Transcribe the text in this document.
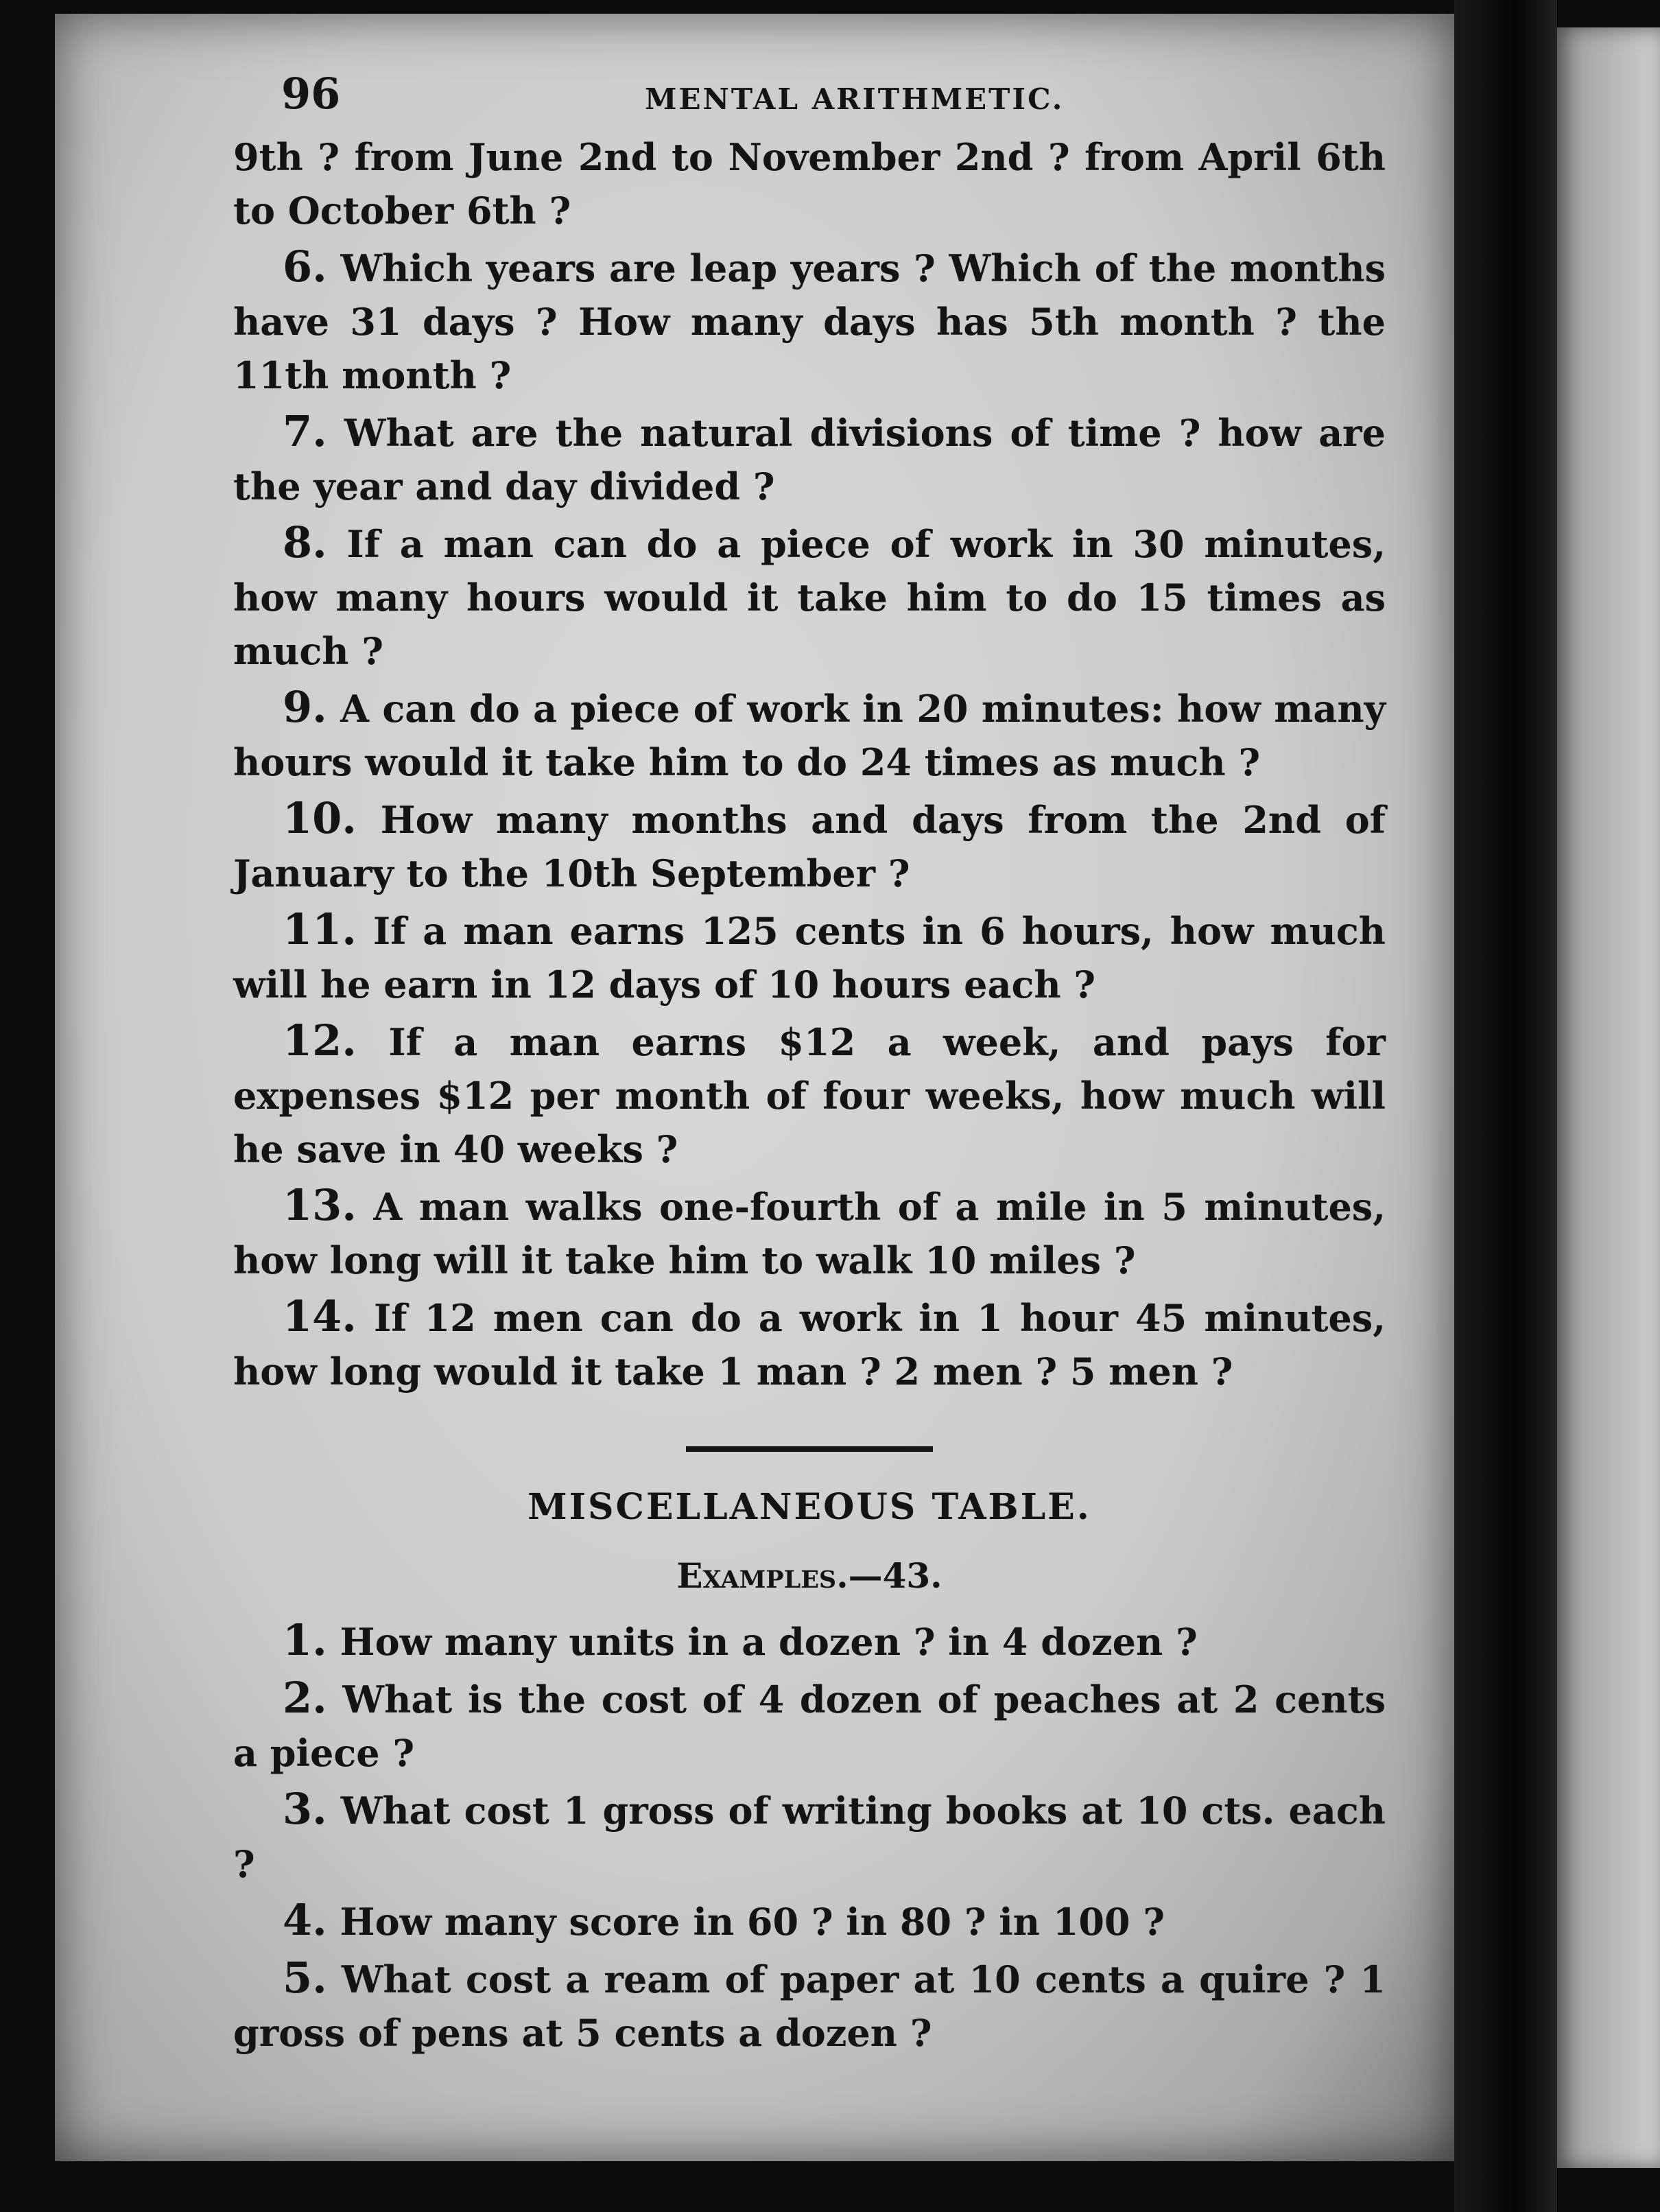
96	MENTAL ARITHMETIC.

9th ? from June 2nd to November 2nd ? from April 6th to October 6th ?

6. Which years are leap years ? Which of the months have 31 days ? How many days has 5th month ? the 11th month ?

7. What are the natural divisions of time ? how are the year and day divided ?

8. If a man can do a piece of work in 30 minutes, how many hours would it take him to do 15 times as much ?

9. A can do a piece of work in 20 minutes: how many hours would it take him to do 24 times as much ?

10. How many months and days from the 2nd of January to the 10th September ?

11. If a man earns 125 cents in 6 hours, how much will he earn in 12 days of 10 hours each ?

12. If a man earns $12 a week, and pays for expenses $12 per month of four weeks, how much will he save in 40 weeks ?

13. A man walks one-fourth of a mile in 5 minutes, how long will it take him to walk 10 miles ?

14. If 12 men can do a work in 1 hour 45 minutes, how long would it take 1 man ? 2 men ? 5 men ?

MISCELLANEOUS TABLE.
Examples.—43.

1. How many units in a dozen ? in 4 dozen ?

2. What is the cost of 4 dozen of peaches at 2 cents a piece ?

3. What cost 1 gross of writing books at 10 cts. each ?

4. How many score in 60 ? in 80 ? in 100 ?

5. What cost a ream of paper at 10 cents a quire ? 1 gross of pens at 5 cents a dozen ?
